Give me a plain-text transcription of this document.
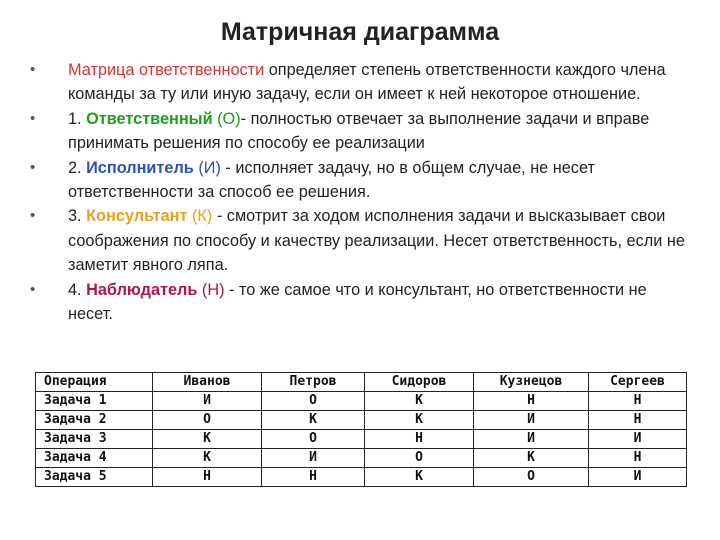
Матричная диаграмма
• Матрица ответственности определяет степень ответственности каждого члена команды за ту или иную задачу, если он имеет к ней некоторое отношение.
• 1. Ответственный (О)- полностью отвечает за выполнение задачи и вправе принимать решения по способу ее реализации
• 2. Исполнитель (И) - исполняет задачу, но в общем случае, не несет ответственности за способ ее решения.
• 3. Консультант (К) - смотрит за ходом исполнения задачи и высказывает свои соображения по способу и качеству реализации. Несет ответственность, если не заметит явного ляпа.
• 4. Наблюдатель (Н) - то же самое что и консультант, но ответственности не несет.
Операция	Иванов	Петров	Сидоров	Кузнецов	Сергеев
Задача 1	И	О	К	Н	Н
Задача 2	О	К	К	И	Н
Задача 3	К	О	Н	И	И
Задача 4	К	И	О	К	Н
Задача 5	Н	Н	К	О	И
